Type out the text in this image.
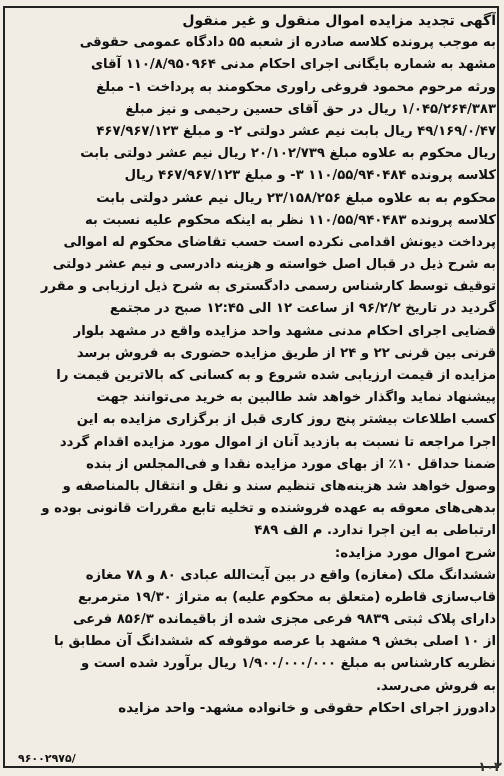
آگهی تجدید مزایده اموال منقول و غیر منقول
به موجب پرونده کلاسه صادره از شعبه ۵۵ دادگاه عمومی حقوقی
مشهد به شماره بایگانی اجرای احکام مدنی ۱۱۰/۸/۹۵۰۹۶۴ آقای
ورثه مرحوم محمود فروغی راوری محکومند به پرداخت ۱- مبلغ
۱/۰۴۵/۲۶۴/۳۸۳ ریال در حق آقای حسین رحیمی و نیز مبلغ
۴۹/۱۶۹/۰/۴۷ ریال بابت نیم عشر دولتی ۲- و مبلغ ۴۶۷/۹۶۷/۱۲۳
ریال محکوم به علاوه مبلغ ۲۰/۱۰۲/۷۳۹ ریال نیم عشر دولتی بابت
کلاسه پرونده ۱۱۰/۵۵/۹۴۰۴۸۴ ۳- و مبلغ ۴۶۷/۹۶۷/۱۲۳ ریال
محکوم به به علاوه مبلغ ۲۳/۱۵۸/۲۵۶ ریال نیم عشر دولتی بابت
کلاسه پرونده ۱۱۰/۵۵/۹۴۰۴۸۳ نظر به اینکه محکوم علیه نسبت به
پرداخت دیونش اقدامی نکرده است حسب تقاضای محکوم له اموالی
به شرح ذیل در قبال اصل خواسته و هزینه دادرسی و نیم عشر دولتی
توقیف توسط کارشناس رسمی دادگستری به شرح ذیل ارزیابی و مقرر
گردید در تاریخ ۹۶/۲/۲ از ساعت ۱۲ الی ۱۲:۴۵ صبح در مجتمع
قضایی اجرای احکام مدنی مشهد واحد مزایده واقع در مشهد بلوار
قرنی بین قرنی ۲۲ و ۲۴ از طریق مزایده حضوری به فروش برسد
مزایده از قیمت ارزیابی شده شروع و به کسانی که بالاترین قیمت را
پیشنهاد نماید واگذار خواهد شد طالبین به خرید می‌توانند جهت
کسب اطلاعات بیشتر پنج روز کاری قبل از برگزاری مزایده به این
اجرا مراجعه تا نسبت به بازدید آنان از اموال مورد مزایده اقدام گردد
ضمنا حداقل ۱۰٪ از بهای مورد مزایده نقدا و فی‌المجلس از بنده
وصول خواهد شد هزینه‌های تنظیم سند و نقل و انتقال بالمناصفه و
بدهی‌های معوقه به عهده فروشنده و تخلیه تابع مقررات قانونی بوده و
ارتباطی به این اجرا ندارد. م الف ۴۸۹
شرح اموال مورد مزایده:
ششدانگ ملک (مغازه) واقع در بین آیت‌الله عبادی ۸۰ و ۷۸ مغازه
قاب‌سازی قاطره (متعلق به محکوم علیه) به متراژ ۱۹/۳۰ مترمربع
دارای پلاک ثبتی ۹۸۳۹ فرعی مجزی شده از باقیمانده ۸۵۶/۳ فرعی
از ۱۰ اصلی بخش ۹ مشهد با عرصه موقوفه که ششدانگ آن مطابق با
نظریه کارشناس به مبلغ ۱/۹۰۰/۰۰۰/۰۰۰ ریال برآورد شده است و
به فروش می‌رسد.
دادورز اجرای احکام حقوقی و خانواده مشهد- واحد مزایده
۹۶۰۰۲۹۷۵/
۱۰۲
